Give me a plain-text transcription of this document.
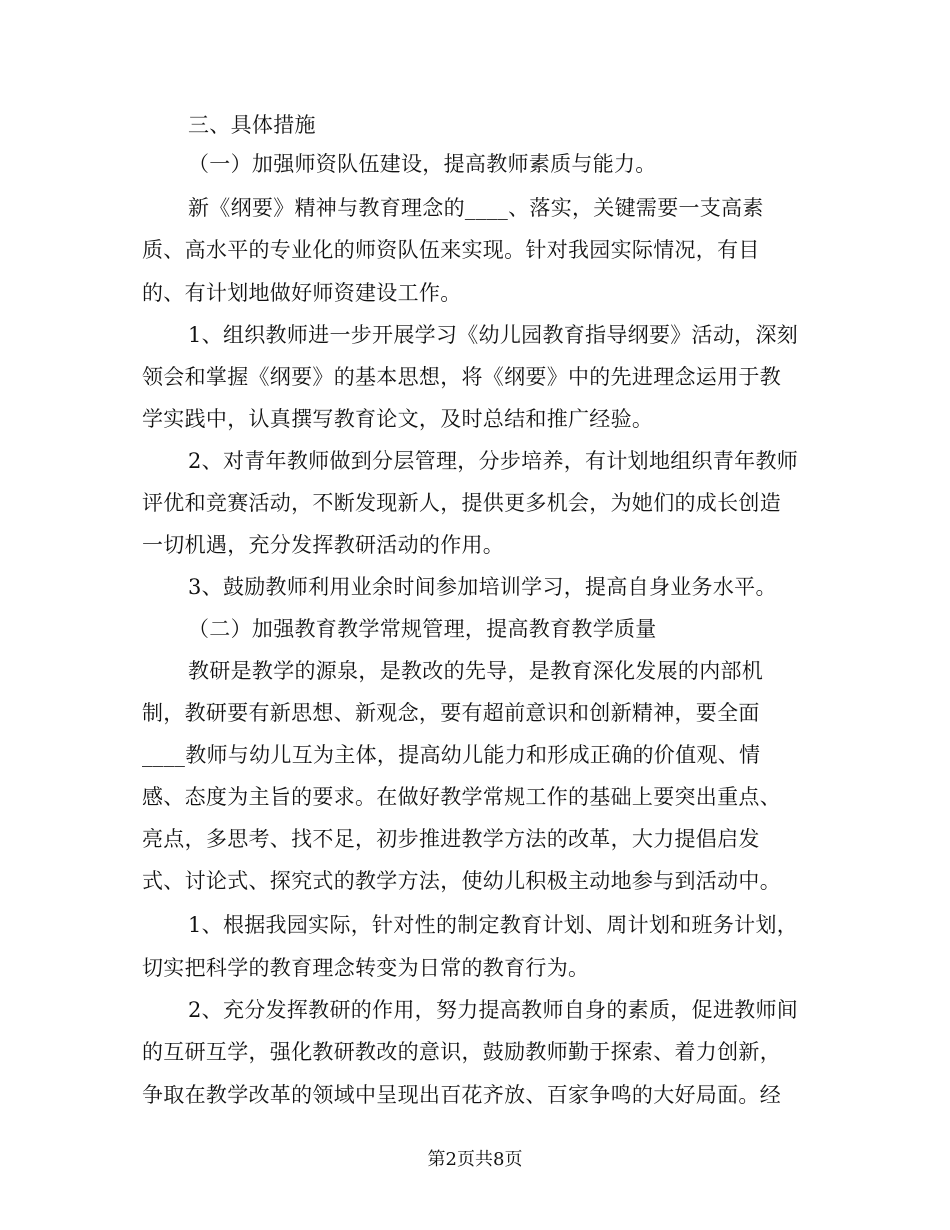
三、具体措施
（一）加强师资队伍建设，提高教师素质与能力。
新《纲要》精神与教育理念的____、落实，关键需要一支高素
质、高水平的专业化的师资队伍来实现。针对我园实际情况，有目
的、有计划地做好师资建设工作。
1、组织教师进一步开展学习《幼儿园教育指导纲要》活动，深刻
领会和掌握《纲要》的基本思想，将《纲要》中的先进理念运用于教
学实践中，认真撰写教育论文，及时总结和推广经验。
2、对青年教师做到分层管理，分步培养，有计划地组织青年教师
评优和竞赛活动，不断发现新人，提供更多机会，为她们的成长创造
一切机遇，充分发挥教研活动的作用。
3、鼓励教师利用业余时间参加培训学习，提高自身业务水平。
（二）加强教育教学常规管理，提高教育教学质量
教研是教学的源泉，是教改的先导，是教育深化发展的内部机
制，教研要有新思想、新观念，要有超前意识和创新精神，要全面
____教师与幼儿互为主体，提高幼儿能力和形成正确的价值观、情
感、态度为主旨的要求。在做好教学常规工作的基础上要突出重点、
亮点，多思考、找不足，初步推进教学方法的改革，大力提倡启发
式、讨论式、探究式的教学方法，使幼儿积极主动地参与到活动中。
1、根据我园实际，针对性的制定教育计划、周计划和班务计划，
切实把科学的教育理念转变为日常的教育行为。
2、充分发挥教研的作用，努力提高教师自身的素质，促进教师间
的互研互学，强化教研教改的意识，鼓励教师勤于探索、着力创新，
争取在教学改革的领域中呈现出百花齐放、百家争鸣的大好局面。经
第2页共8页
